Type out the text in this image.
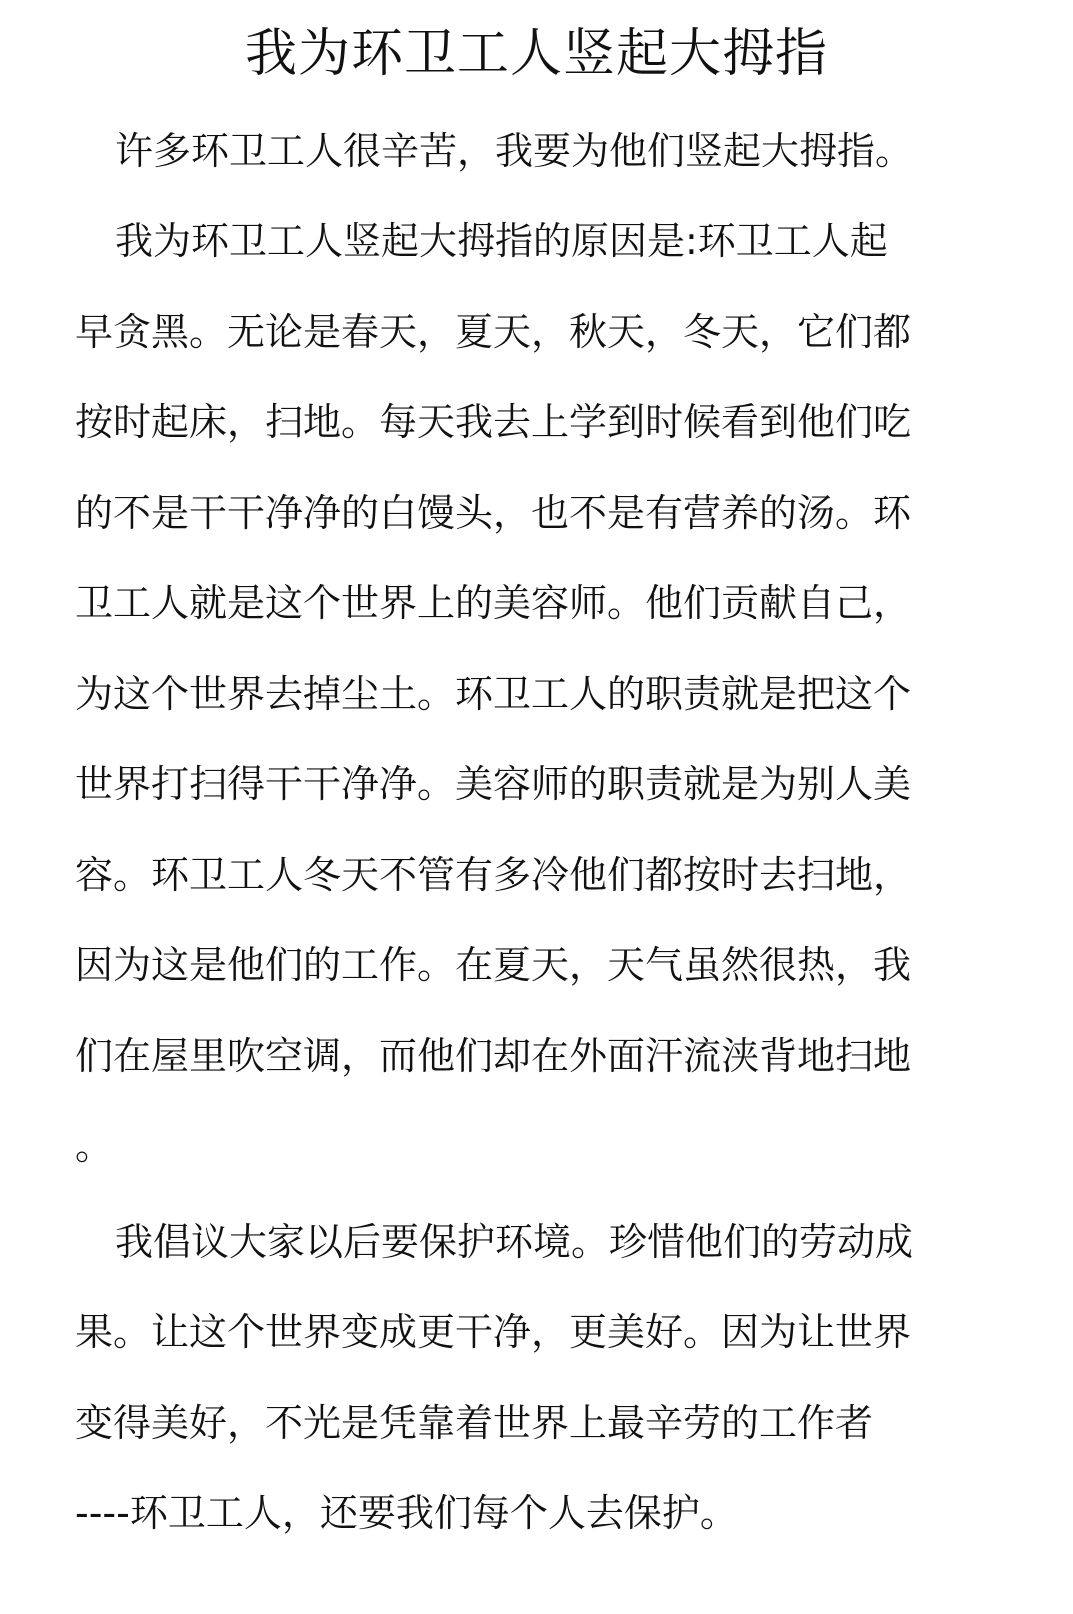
我为环卫工人竖起大拇指

许多环卫工人很辛苦，我要为他们竖起大拇指。

我为环卫工人竖起大拇指的原因是:环卫工人起

早贪黑。无论是春天，夏天，秋天，冬天，它们都

按时起床，扫地。每天我去上学到时候看到他们吃

的不是干干净净的白馒头，也不是有营养的汤。环

卫工人就是这个世界上的美容师。他们贡献自己，

为这个世界去掉尘土。环卫工人的职责就是把这个

世界打扫得干干净净。美容师的职责就是为别人美

容。环卫工人冬天不管有多冷他们都按时去扫地，

因为这是他们的工作。在夏天，天气虽然很热，我

们在屋里吹空调，而他们却在外面汗流浃背地扫地

。

我倡议大家以后要保护环境。珍惜他们的劳动成

果。让这个世界变成更干净，更美好。因为让世界

变得美好，不光是凭靠着世界上最辛劳的工作者

----环卫工人，还要我们每个人去保护。
